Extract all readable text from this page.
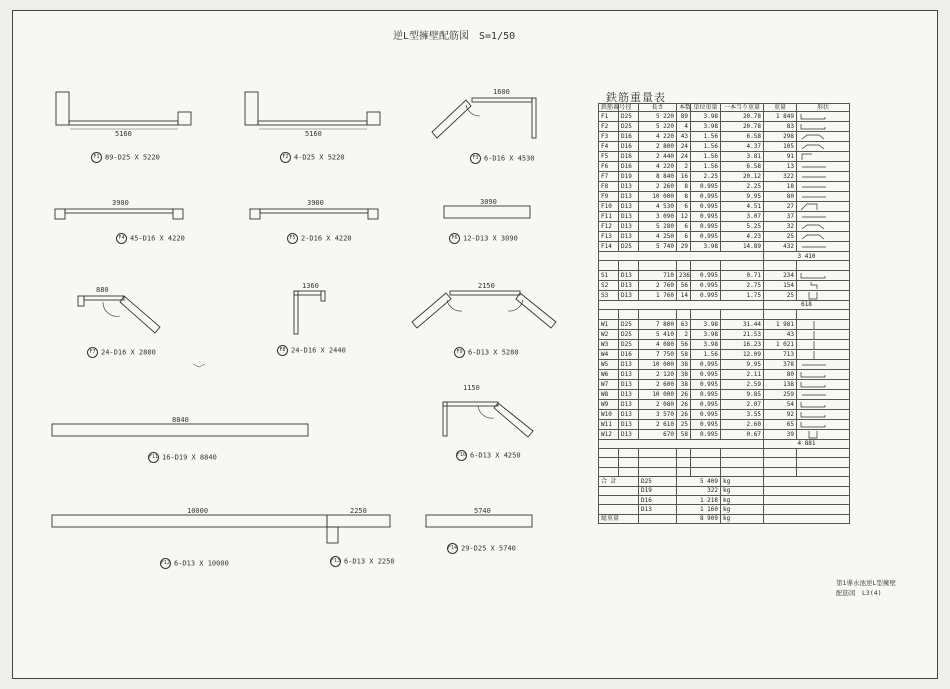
逆L型擁壁配筋図　S=1/50
5160	5160
1600
3900	3900	3090
880	1360	2150
1150
8840
10000	2250	5740
F1 89-D25 X 5220	F2 4-D25 X 5220	F3 6-D16 X 4530
F4 45-D16 X 4220	F5 2-D16 X 4220	F6 12-D13 X 3090
F7 24-D16 X 2800	F8 24-D16 X 2440	F9 6-D13 X 5280
F10 6-D13 X 4250
F11 16-D19 X 8840
F12 6-D13 X 10000	F13 6-D13 X 2250
F14 29-D25 X 5740
鉄筋重量表
鉄筋番号	径	長さ	本数	単位重量	一本当り重量	重量	形状
F1	D25	5 220	89	3.98	20.78	1 849	
F2	D25	5 220	4	3.98	20.78	83	
F3	D16	4 220	43	1.56	6.58	298	
F4	D16	2 800	24	1.56	4.37	105	
F5	D16	2 440	24	1.56	3.81	91	
F6	D16	4 220	2	1.56	6.58	13	
F7	D19	8 840	16	2.25	20.12	322	
F8	D13	2 260	8	0.995	2.25	18	
F9	D13	10 000	8	0.995	9.95	80	
F10	D13	4 530	6	0.995	4.51	27	
F11	D13	3 090	12	0.995	3.07	37	
F12	D13	5 280	6	0.995	5.25	32	
F13	D13	4 250	6	0.995	4.23	25	
F14	D25	5 740	29	3.98	14.89	432	
						3 410	

S1	D13	710	236	0.995	0.71	234	
S2	D13	2 760	56	0.995	2.75	154	
S3	D13	1 760	14	0.995	1.75	25	
						618	

W1	D25	7 800	63	3.98	31.44	1 981	
W2	D25	5 410	2	3.98	21.53	43	
W3	D25	4 080	56	3.98	16.23	1 021	
W4	D16	7 750	58	1.56	12.09	713	
W5	D13	10 000	38	0.995	9.95	378	
W6	D13	2 120	38	0.995	2.11	80	
W7	D13	2 600	38	0.995	2.59	138	
W8	D13	10 000	26	0.995	9.85	259	
W9	D13	2 080	26	0.995	2.07	54	
W10	D13	3 570	26	0.995	3.55	92	
W11	D13	2 610	25	0.995	2.60	65	
W12	D13	670	58	0.995	0.67	39	
						4 881	

合 計		D25	5 409		kg		
		D19	322		kg		
		D16	1 218		kg		
		D13	1 160		kg		
総重量			8 909		kg		
第1導水池逆L型擁壁
配筋図　L3(4)
